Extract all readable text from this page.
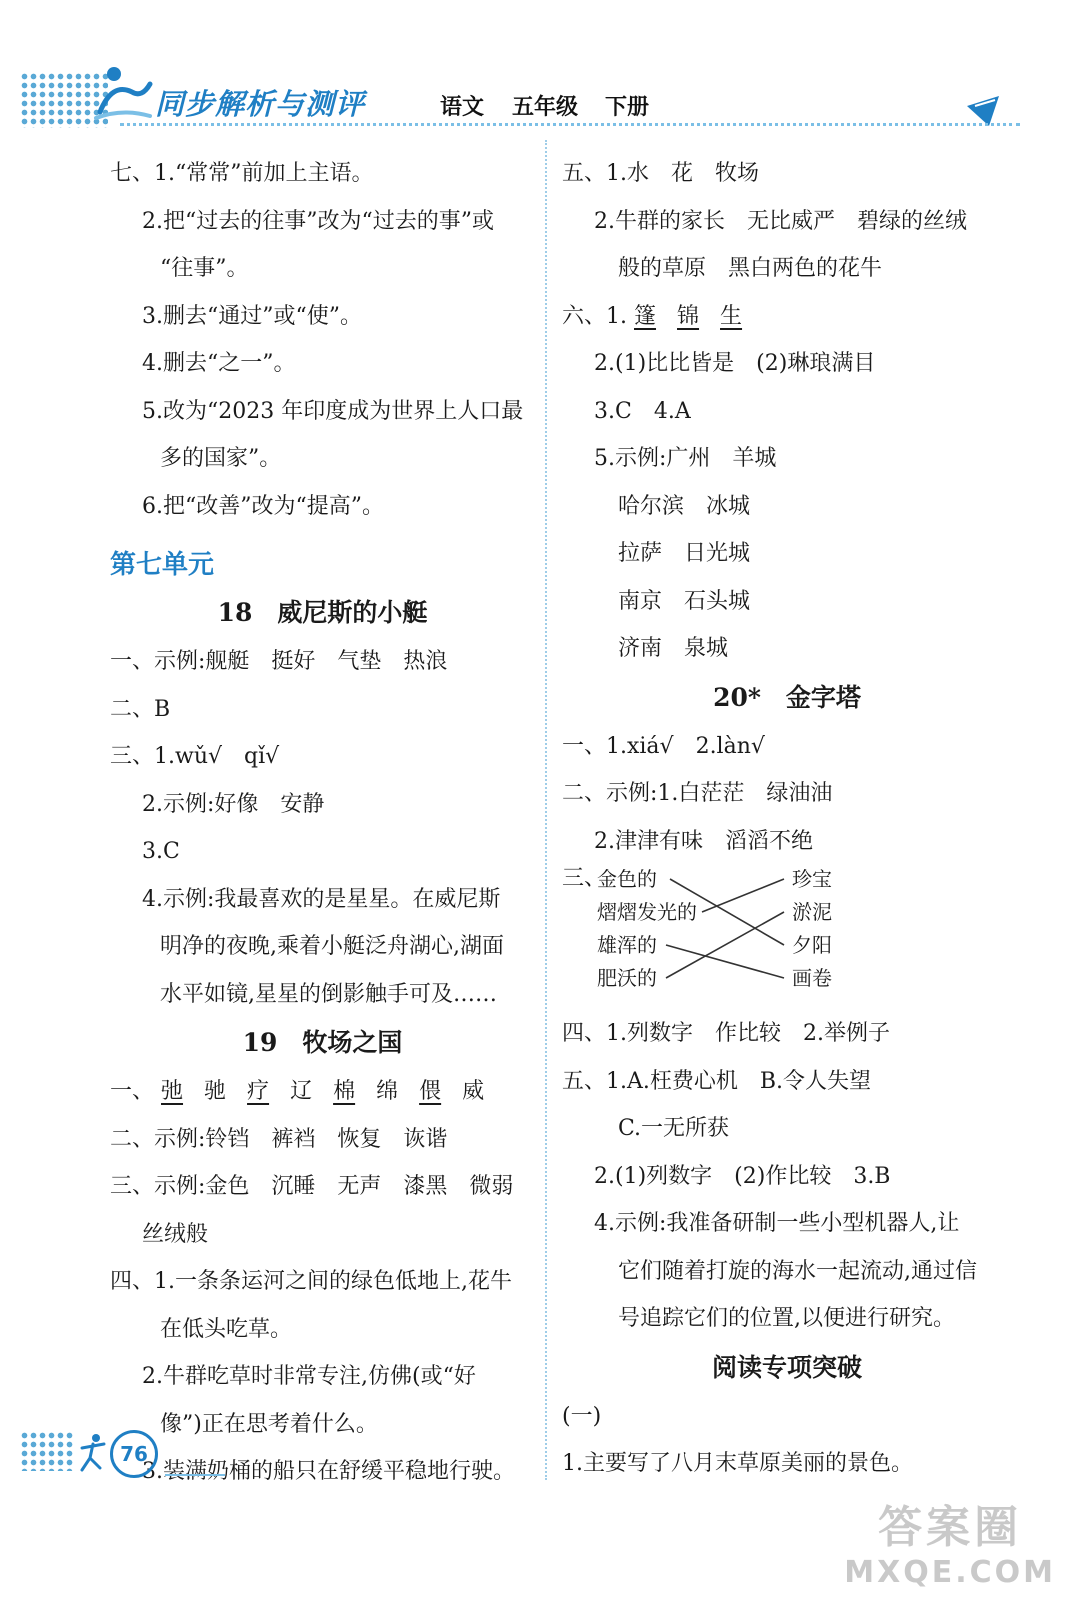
同步解析与测评	语文 五年级 下册
七、1.“常常”前加上主语。
2.把“过去的往事”改为“过去的事”或
“往事”。
3.删去“通过”或“使”。
4.删去“之一”。
5.改为“2023 年印度成为世界上人口最
多的国家”。
6.把“改善”改为“提高”。
第七单元
18　威尼斯的小艇
一、示例:舰艇　挺好　气垫　热浪
二、B
三、1.wǔ√　qǐ√
2.示例:好像　安静
3.C
4.示例:我最喜欢的是星星。在威尼斯
明净的夜晚,乘着小艇泛舟湖心,湖面
水平如镜,星星的倒影触手可及……
19　牧场之国
一、 弛 驰 疗 辽 棉 绵 偎 威
二、示例:铃铛　裤裆　恢复　诙谐
三、示例:金色　沉睡　无声　漆黑　微弱
丝绒般
四、1.一条条运河之间的绿色低地上,花牛
在低头吃草。
2.牛群吃草时非常专注,仿佛(或“好
像”)正在思考着什么。
3.装满奶桶的船只在舒缓平稳地行驶。
五、1.水　花　牧场
2.牛群的家长　无比威严　碧绿的丝绒
般的草原　黑白两色的花牛
六、1. 篷 锦 生
2.(1)比比皆是　(2)琳琅满目
3.C　4.A
5.示例:广州　羊城
哈尔滨　冰城
拉萨　日光城
南京　石头城
济南　泉城
20*　金字塔
一、1.xiá√　2.làn√
二、示例:1.白茫茫　绿油油
2.津津有味　滔滔不绝
三、
金色的
熠熠发光的
雄浑的
肥沃的
珍宝
淤泥
夕阳
画卷
四、1.列数字　作比较　2.举例子
五、1.A.枉费心机　B.令人失望
C.一无所获
2.(1)列数字　(2)作比较　3.B
4.示例:我准备研制一些小型机器人,让
它们随着打旋的海水一起流动,通过信
号追踪它们的位置,以便进行研究。
阅读专项突破
(一)
1.主要写了八月末草原美丽的景色。
76
答案圈
MXQE.COM
